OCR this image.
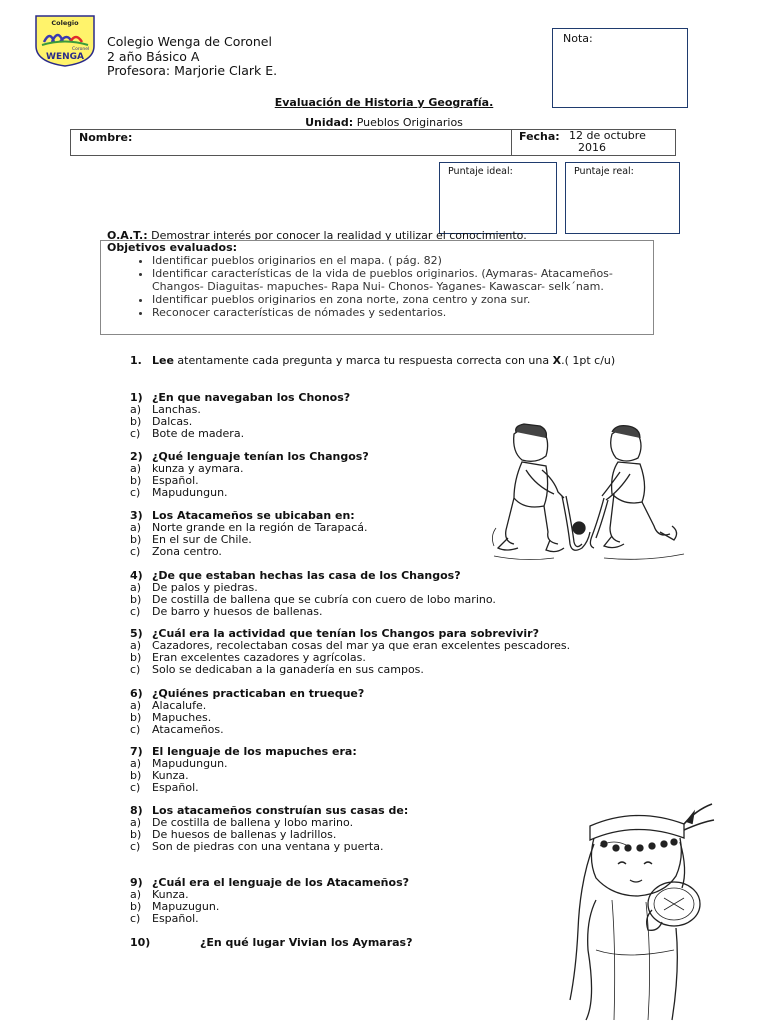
Colegio
Coronel
WENGA
Colegio Wenga de Coronel
2 año Básico A
Profesora: Marjorie Clark E.
Nota:
Evaluación de Historia y Geografía.
Unidad: Pueblos Originarios
Nombre:	Fecha: 12 de octubre
2016
Puntaje ideal:	Puntaje real:
O.A.T.: Demostrar interés por conocer la realidad y utilizar el conocimiento.
Objetivos evaluados:
• Identificar pueblos originarios en el mapa. ( pág. 82)
• Identificar características de la vida de pueblos originarios. (Aymaras- Atacameños- Changos- Diaguitas- mapuches- Rapa Nui- Chonos- Yaganes- Kawascar- selk´nam.
• Identificar pueblos originarios en zona norte, zona centro y zona sur.
• Reconocer características de nómades y sedentarios.
1. Lee atentamente cada pregunta y marca tu respuesta correcta con una X.( 1pt c/u)
1) ¿En que navegaban los Chonos?
a) Lanchas.
b) Dalcas.
c) Bote de madera.
2) ¿Qué lenguaje tenían los Changos?
a) kunza y aymara.
b) Español.
c) Mapudungun.
3) Los Atacameños se ubicaban en:
a) Norte grande en la región de Tarapacá.
b) En el sur de Chile.
c) Zona centro.
4) ¿De que estaban hechas las casa de los Changos?
a) De palos y piedras.
b) De costilla de ballena que se cubría con cuero de lobo marino.
c) De barro y huesos de ballenas.
5) ¿Cuál era la actividad que tenían los Changos para sobrevivir?
a) Cazadores, recolectaban cosas del mar ya que eran excelentes pescadores.
b) Eran excelentes cazadores y agrícolas.
c) Solo se dedicaban a la ganadería en sus campos.
6) ¿Quiénes practicaban en trueque?
a) Alacalufe.
b) Mapuches.
c) Atacameños.
7) El lenguaje de los mapuches era:
a) Mapudungun.
b) Kunza.
c) Español.
8) Los atacameños construían sus casas de:
a) De costilla de ballena y lobo marino.
b) De huesos de ballenas y ladrillos.
c) Son de piedras con una ventana y puerta.
9) ¿Cuál era el lenguaje de los Atacameños?
a) Kunza.
b) Mapuzugun.
c) Español.
10)	¿En qué lugar Vivian los Aymaras?
